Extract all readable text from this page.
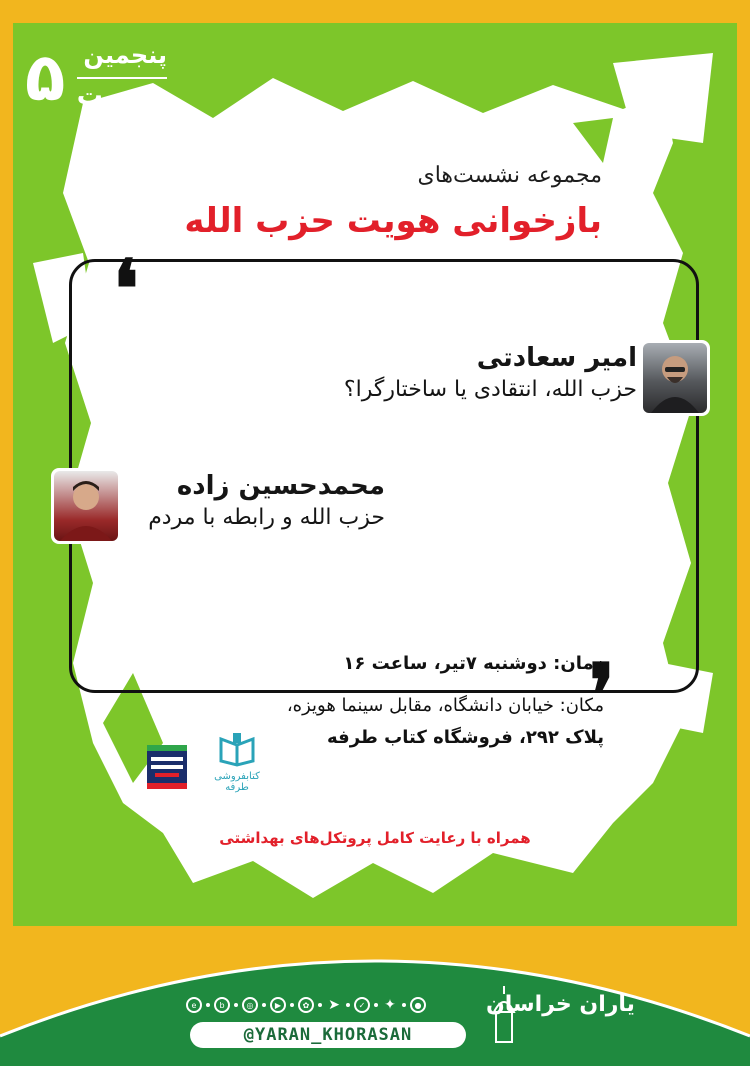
۵ پنجمین
نشست
مجموعه نشست‌های
بازخوانی هویت حزب الله
❛
❜
امیر سعادتی
حزب الله، انتقادی یا ساختارگرا؟
محمدحسین زاده
حزب الله و رابطه با مردم
زمان: دوشنبه ۷تیر، ساعت ۱۶
مکان: خیابان دانشگاه، مقابل سینما هویزه،
پلاک ۲۹۲، فروشگاه کتاب طرفه
کتابفروشی
طرفه
همراه با رعایت کامل پروتکل‌های بهداشتی
e	b	◎	▶	✿	➤	✓	✦	●
@YARAN_KHORASAN
یاران خراسان
